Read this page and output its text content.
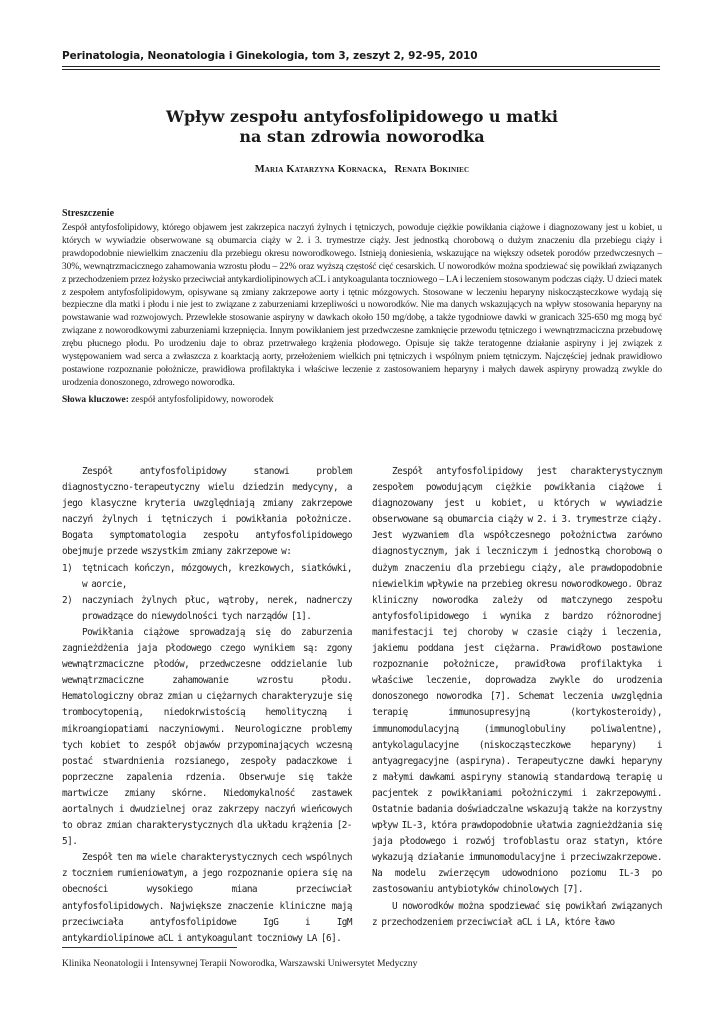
Perinatologia, Neonatologia i Ginekologia, tom 3, zeszyt 2, 92-95, 2010
Wpływ zespołu antyfosfolipidowego u matki
na stan zdrowia noworodka
Maria Katarzyna Kornacka, Renata Bokiniec
Streszczenie

Zespół antyfosfolipidowy, którego objawem jest zakrzepica naczyń żylnych i tętniczych, powoduje ciężkie powikłania ciążowe i diagnozowany jest u kobiet, u których w wywiadzie obserwowane są obumarcia ciąży w 2. i 3. trymestrze ciąży. Jest jednostką chorobową o dużym znaczeniu dla przebiegu ciąży i prawdopodobnie niewielkim znaczeniu dla przebiegu okresu noworodkowego. Istnieją doniesienia, wskazujące na większy odsetek porodów przedwczesnych – 30%, wewnątrzmacicznego zahamowania wzrostu płodu – 22% oraz wyższą częstość cięć cesarskich. U noworodków można spodziewać się powikłań związanych z przechodzeniem przez łożysko przeciwciał antykardiolipinowych aCL i antykoagulanta toczniowego – LA i leczeniem stosowanym podczas ciąży. U dzieci matek z zespołem antyfosfolipidowym, opisywane są zmiany zakrzepowe aorty i tętnic mózgowych. Stosowane w leczeniu heparyny niskocząsteczkowe wydają się bezpieczne dla matki i płodu i nie jest to związane z zaburzeniami krzepliwości u noworodków. Nie ma danych wskazujących na wpływ stosowania heparyny na powstawanie wad rozwojowych. Przewlekłe stosowanie aspiryny w dawkach około 150 mg/dobę, a także tygodniowe dawki w granicach 325-650 mg mogą być związane z noworodkowymi zaburzeniami krzepnięcia. Innym powikłaniem jest przedwczesne zamknięcie przewodu tętniczego i wewnątrzmaciczna przebudowę zrębu płucnego płodu. Po urodzeniu daje to obraz przetrwałego krążenia płodowego. Opisuje się także teratogenne działanie aspiryny i jej związek z występowaniem wad serca a zwłaszcza z koarktacją aorty, przełożeniem wielkich pni tętniczych i wspólnym pniem tętniczym. Najczęściej jednak prawidłowo postawione rozpoznanie położnicze, prawidłowa profilaktyka i właściwe leczenie z zastosowaniem heparyny i małych dawek aspiryny prowadzą zwykle do urodzenia donoszonego, zdrowego noworodka.

Słowa kluczowe: zespół antyfosfolipidowy, noworodek

Zespół antyfosfolipidowy stanowi problem diagnostyczno-terapeutyczny wielu dziedzin medycyny, a jego klasyczne kryteria uwzględniają zmiany zakrzepowe naczyń żylnych i tętniczych i powikłania położnicze. Bogata symptomatologia zespołu antyfosfolipidowego obejmuje przede wszystkim zmiany zakrzepowe w:

1) tętnicach kończyn, mózgowych, krezkowych, siatkówki, w aorcie,
2) naczyniach żylnych płuc, wątroby, nerek, nadnerczy prowadzące do niewydolności tych narządów [1].

Powikłania ciążowe sprowadzają się do zaburzenia zagnieżdżenia jaja płodowego czego wynikiem są: zgony wewnątrzmaciczne płodów, przedwczesne oddzielanie lub wewnątrzmaciczne zahamowanie wzrostu płodu. Hematologiczny obraz zmian u ciężarnych charakteryzuje się trombocytopenią, niedokrwistością hemolityczną i mikroangiopatiami naczyniowymi. Neurologiczne problemy tych kobiet to zespół objawów przypominających wczesną postać stwardnienia rozsianego, zespoły padaczkowe i poprzeczne zapalenia rdzenia. Obserwuje się także martwicze zmiany skórne. Niedomykalność zastawek aortalnych i dwudzielnej oraz zakrzepy naczyń wieńcowych to obraz zmian charakterystycznych dla układu krążenia [2-5].

Zespół ten ma wiele charakterystycznych cech wspólnych z toczniem rumieniowatym, a jego rozpoznanie opiera się na obecności wysokiego miana przeciwciał antyfosfolipidowych. Największe znaczenie kliniczne mają przeciwciała antyfosfolipidowe IgG i IgM antykardiolipinowe aCL i antykoagulant toczniowy LA [6].

Zespół antyfosfolipidowy jest charakterystycznym zespołem powodującym ciężkie powikłania ciążowe i diagnozowany jest u kobiet, u których w wywiadzie obserwowane są obumarcia ciąży w 2. i 3. trymestrze ciąży. Jest wyzwaniem dla współczesnego położnictwa zarówno diagnostycznym, jak i leczniczym i jednostką chorobową o dużym znaczeniu dla przebiegu ciąży, ale prawdopodobnie niewielkim wpływie na przebieg okresu noworodkowego. Obraz kliniczny noworodka zależy od matczynego zespołu antyfosfolipidowego i wynika z bardzo różnorodnej manifestacji tej choroby w czasie ciąży i leczenia, jakiemu poddana jest ciężarna. Prawidłowo postawione rozpoznanie położnicze, prawidłowa profilaktyka i właściwe leczenie, doprowadza zwykle do urodzenia donoszonego noworodka [7]. Schemat leczenia uwzględnia terapię immunosupresyjną (kortykosteroidy), immunomodulacyjną (immunoglobuliny poliwalentne), antykolagulacyjne (niskocząsteczkowe heparyny) i antyagregacyjne (aspiryna). Terapeutyczne dawki heparyny z małymi dawkami aspiryny stanowią standardową terapię u pacjentek z powikłaniami położniczymi i zakrzepowymi. Ostatnie badania doświadczalne wskazują także na korzystny wpływ IL-3, która prawdopodobnie ułatwia zagnieżdżania się jaja płodowego i rozwój trofoblastu oraz statyn, które wykazują działanie immunomodulacyjne i przeciwzakrzepowe. Na modelu zwierzęcym udowodniono poziomu IL-3 po zastosowaniu antybiotyków chinolowych [7].

U noworodków można spodziewać się powikłań związanych z przechodzeniem przeciwciał aCL i LA, które ławo

Klinika Neonatologii i Intensywnej Terapii Noworodka, Warszawski Uniwersytet Medyczny
